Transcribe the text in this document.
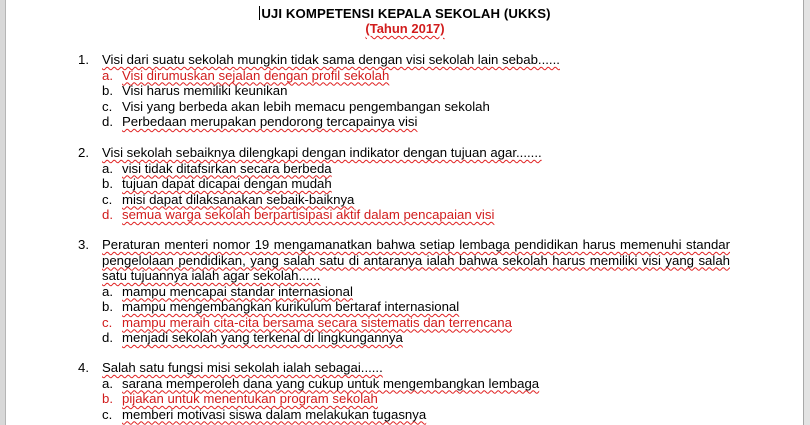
UJI KOMPETENSI KEPALA SEKOLAH (UKKS)
(Tahun 2017)
1. Visi dari suatu sekolah mungkin tidak sama dengan visi sekolah lain sebab......
a. Visi dirumuskan sejalan dengan profil sekolah
b. Visi harus memiliki keunikan
c. Visi yang berbeda akan lebih memacu pengembangan sekolah
d. Perbedaan merupakan pendorong tercapainya visi
2. Visi sekolah sebaiknya dilengkapi dengan indikator dengan tujuan agar.......
a. visi tidak ditafsirkan secara berbeda
b. tujuan dapat dicapai dengan mudah
c. misi dapat dilaksanakan sebaik-baiknya
d. semua warga sekolah berpartisipasi aktif dalam pencapaian visi
3. Peraturan menteri nomor 19 mengamanatkan bahwa setiap lembaga pendidikan harus memenuhi standar pengelolaan pendidikan, yang salah satu di antaranya ialah bahwa sekolah harus memiliki visi yang salah satu tujuannya ialah agar sekolah......
a. mampu mencapai standar internasional
b. mampu mengembangkan kurikulum bertaraf internasional
c. mampu meraih cita-cita bersama secara sistematis dan terrencana
d. menjadi sekolah yang terkenal di lingkungannya
4. Salah satu fungsi misi sekolah ialah sebagai......
a. sarana memperoleh dana yang cukup untuk mengembangkan lembaga
b. pijakan untuk menentukan program sekolah
c. memberi motivasi siswa dalam melakukan tugasnya
